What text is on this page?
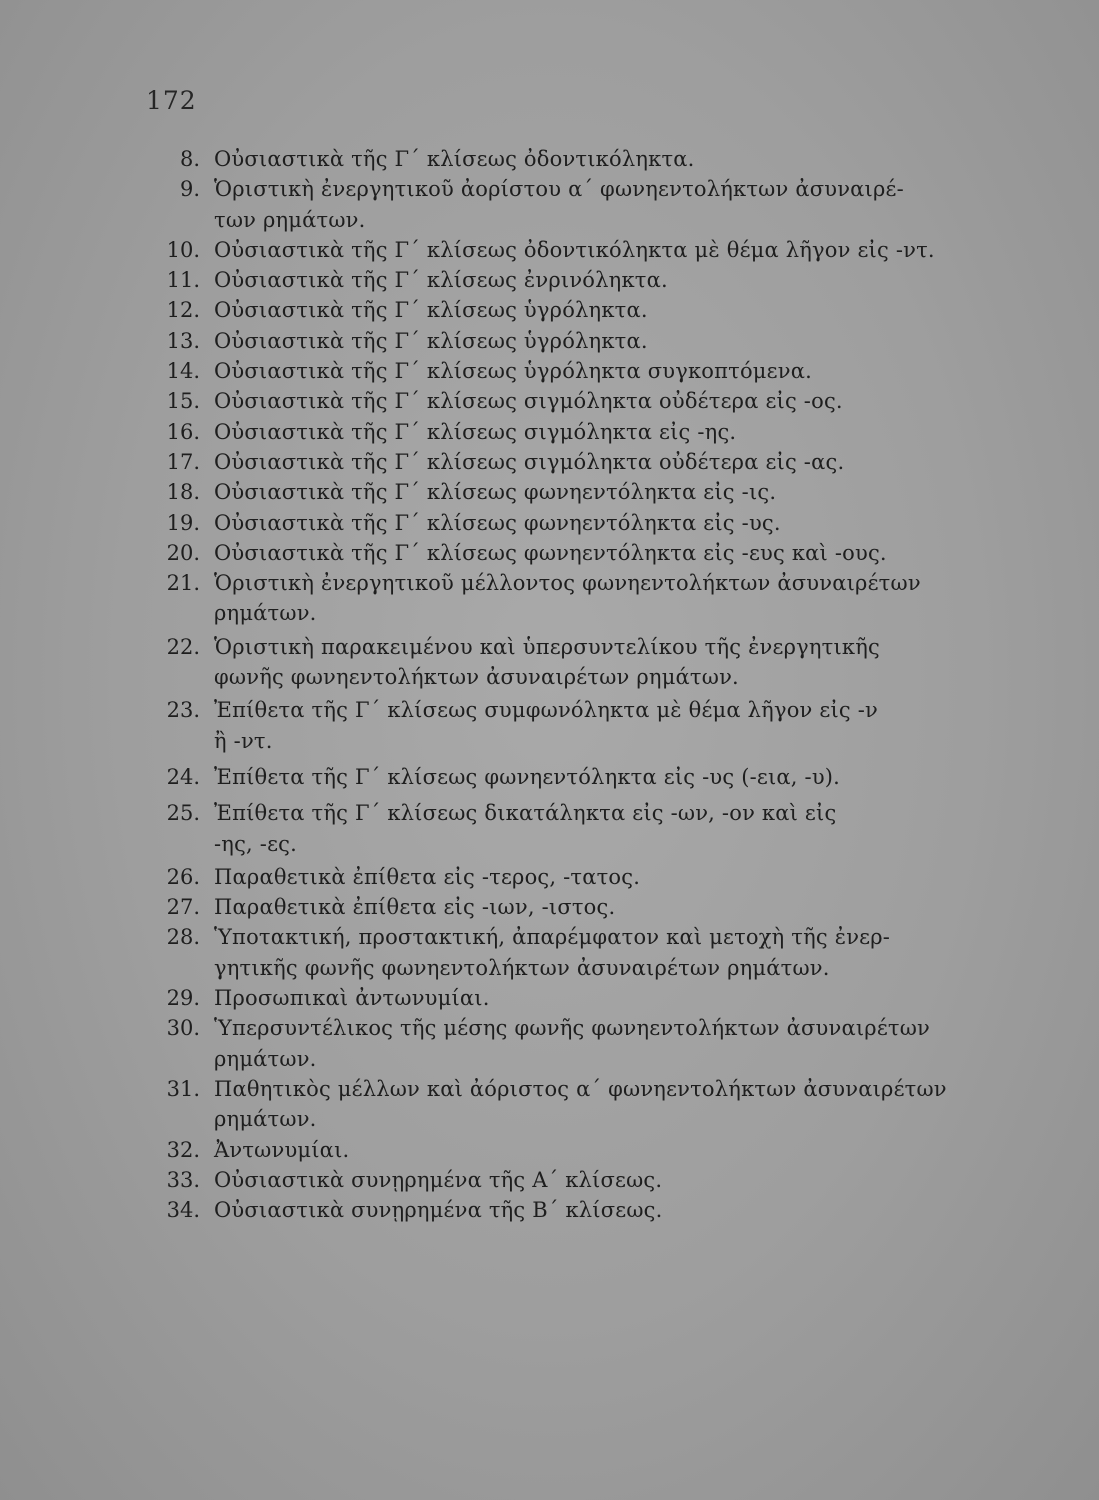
172
8. Οὐσιαστικὰ τῆς Γ΄ κλίσεως ὀδοντικόληκτα.
9. Ὁριστικὴ ἐνεργητικοῦ ἀορίστου α΄ φωνηεντολήκτων ἀσυναιρέ-
των ρημάτων.
10. Οὐσιαστικὰ τῆς Γ΄ κλίσεως ὀδοντικόληκτα μὲ θέμα λῆγον εἰς -ντ.
11. Οὐσιαστικὰ τῆς Γ΄ κλίσεως ἐνρινόληκτα.
12. Οὐσιαστικὰ τῆς Γ΄ κλίσεως ὑγρόληκτα.
13. Οὐσιαστικὰ τῆς Γ΄ κλίσεως ὑγρόληκτα.
14. Οὐσιαστικὰ τῆς Γ΄ κλίσεως ὑγρόληκτα συγκοπτόμενα.
15. Οὐσιαστικὰ τῆς Γ΄ κλίσεως σιγμόληκτα οὐδέτερα εἰς -ος.
16. Οὐσιαστικὰ τῆς Γ΄ κλίσεως σιγμόληκτα εἰς -ης.
17. Οὐσιαστικὰ τῆς Γ΄ κλίσεως σιγμόληκτα οὐδέτερα εἰς -ας.
18. Οὐσιαστικὰ τῆς Γ΄ κλίσεως φωνηεντόληκτα εἰς -ις.
19. Οὐσιαστικὰ τῆς Γ΄ κλίσεως φωνηεντόληκτα εἰς -υς.
20. Οὐσιαστικὰ τῆς Γ΄ κλίσεως φωνηεντόληκτα εἰς -ευς καὶ -ους.
21. Ὁριστικὴ ἐνεργητικοῦ μέλλοντος φωνηεντολήκτων ἀσυναιρέτων
ρημάτων.
22. Ὁριστικὴ παρακειμένου καὶ ὑπερσυντελίκου τῆς ἐνεργητικῆς
φωνῆς φωνηεντολήκτων ἀσυναιρέτων ρημάτων.
23. Ἐπίθετα τῆς Γ΄ κλίσεως συμφωνόληκτα μὲ θέμα λῆγον εἰς -ν
ἢ -ντ.
24. Ἐπίθετα τῆς Γ΄ κλίσεως φωνηεντόληκτα εἰς -υς (-εια, -υ).
25. Ἐπίθετα τῆς Γ΄ κλίσεως δικατάληκτα εἰς -ων, -ον καὶ εἰς
-ης, -ες.
26. Παραθετικὰ ἐπίθετα εἰς -τερος, -τατος.
27. Παραθετικὰ ἐπίθετα εἰς -ιων, -ιστος.
28. Ὑποτακτική, προστακτική, ἀπαρέμφατον καὶ μετοχὴ τῆς ἐνερ-
γητικῆς φωνῆς φωνηεντολήκτων ἀσυναιρέτων ρημάτων.
29. Προσωπικαὶ ἀντωνυμίαι.
30. Ὑπερσυντέλικος τῆς μέσης φωνῆς φωνηεντολήκτων ἀσυναιρέτων
ρημάτων.
31. Παθητικὸς μέλλων καὶ ἀόριστος α΄ φωνηεντολήκτων ἀσυναιρέτων
ρημάτων.
32. Ἀντωνυμίαι.
33. Οὐσιαστικὰ συνῃρημένα τῆς Α΄ κλίσεως.
34. Οὐσιαστικὰ συνῃρημένα τῆς Β΄ κλίσεως.
